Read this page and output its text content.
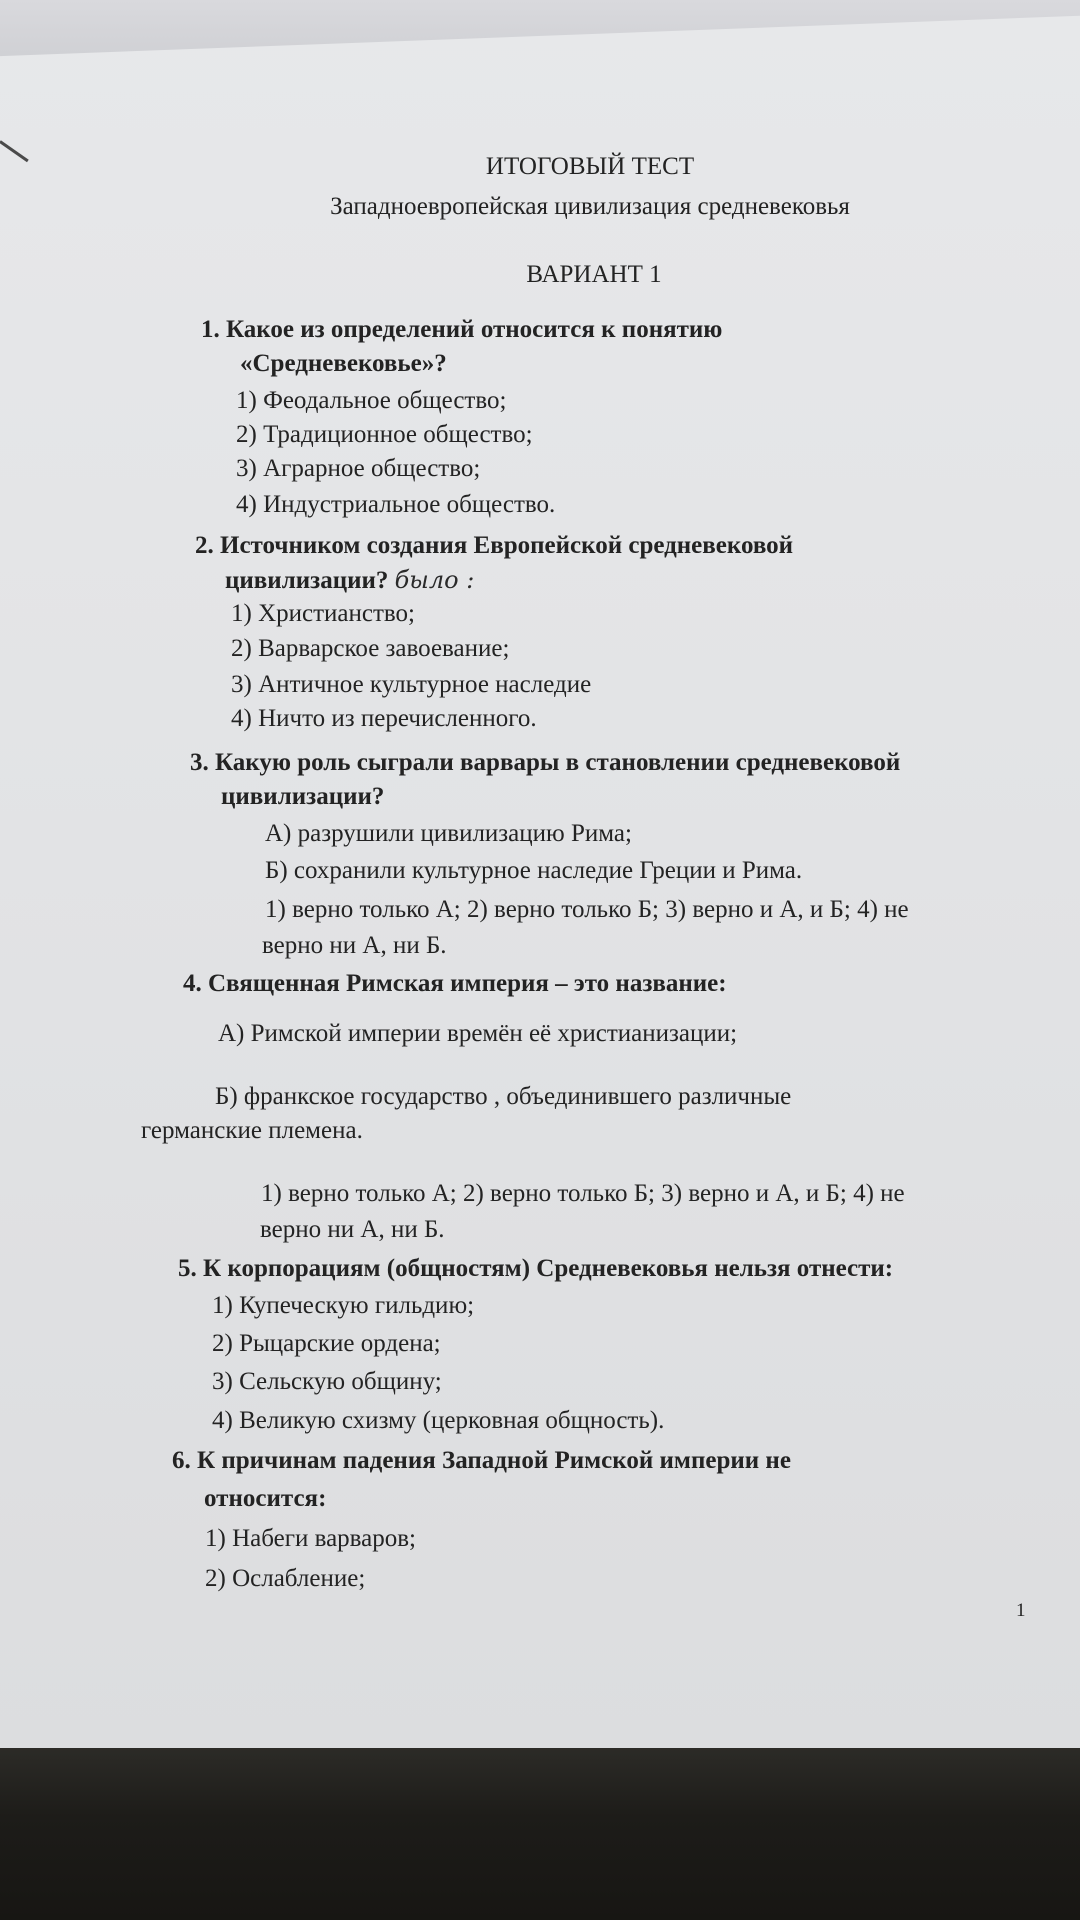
ИТОГОВЫЙ ТЕСТ
Западноевропейская цивилизация средневековья
ВАРИАНТ 1
1. Какое из определений относится к понятию
«Средневековье»?
1) Феодальное общество;
2) Традиционное общество;
3) Аграрное общество;
4) Индустриальное общество.
2. Источником создания Европейской средневековой
цивилизации? было :
1) Христианство;
2) Варварское завоевание;
3) Античное культурное наследие
4) Ничто из перечисленного.
3. Какую роль сыграли варвары в становлении средневековой
цивилизации?
А) разрушили цивилизацию Рима;
Б) сохранили культурное наследие Греции и Рима.
1) верно только А; 2) верно только Б; 3) верно и А, и Б; 4) не
верно ни А, ни Б.
4. Священная Римская империя – это название:
А) Римской империи времён её христианизации;
Б) франкское государство , объединившего различные
германские племена.
1) верно только А; 2) верно только Б; 3) верно и А, и Б; 4) не
верно ни А, ни Б.
5. К корпорациям (общностям) Средневековья нельзя отнести:
1) Купеческую гильдию;
2) Рыцарские ордена;
3) Сельскую общину;
4) Великую схизму (церковная общность).
6. К причинам падения Западной Римской империи не
относится:
1) Набеги варваров;
2) Ослабление;
1
